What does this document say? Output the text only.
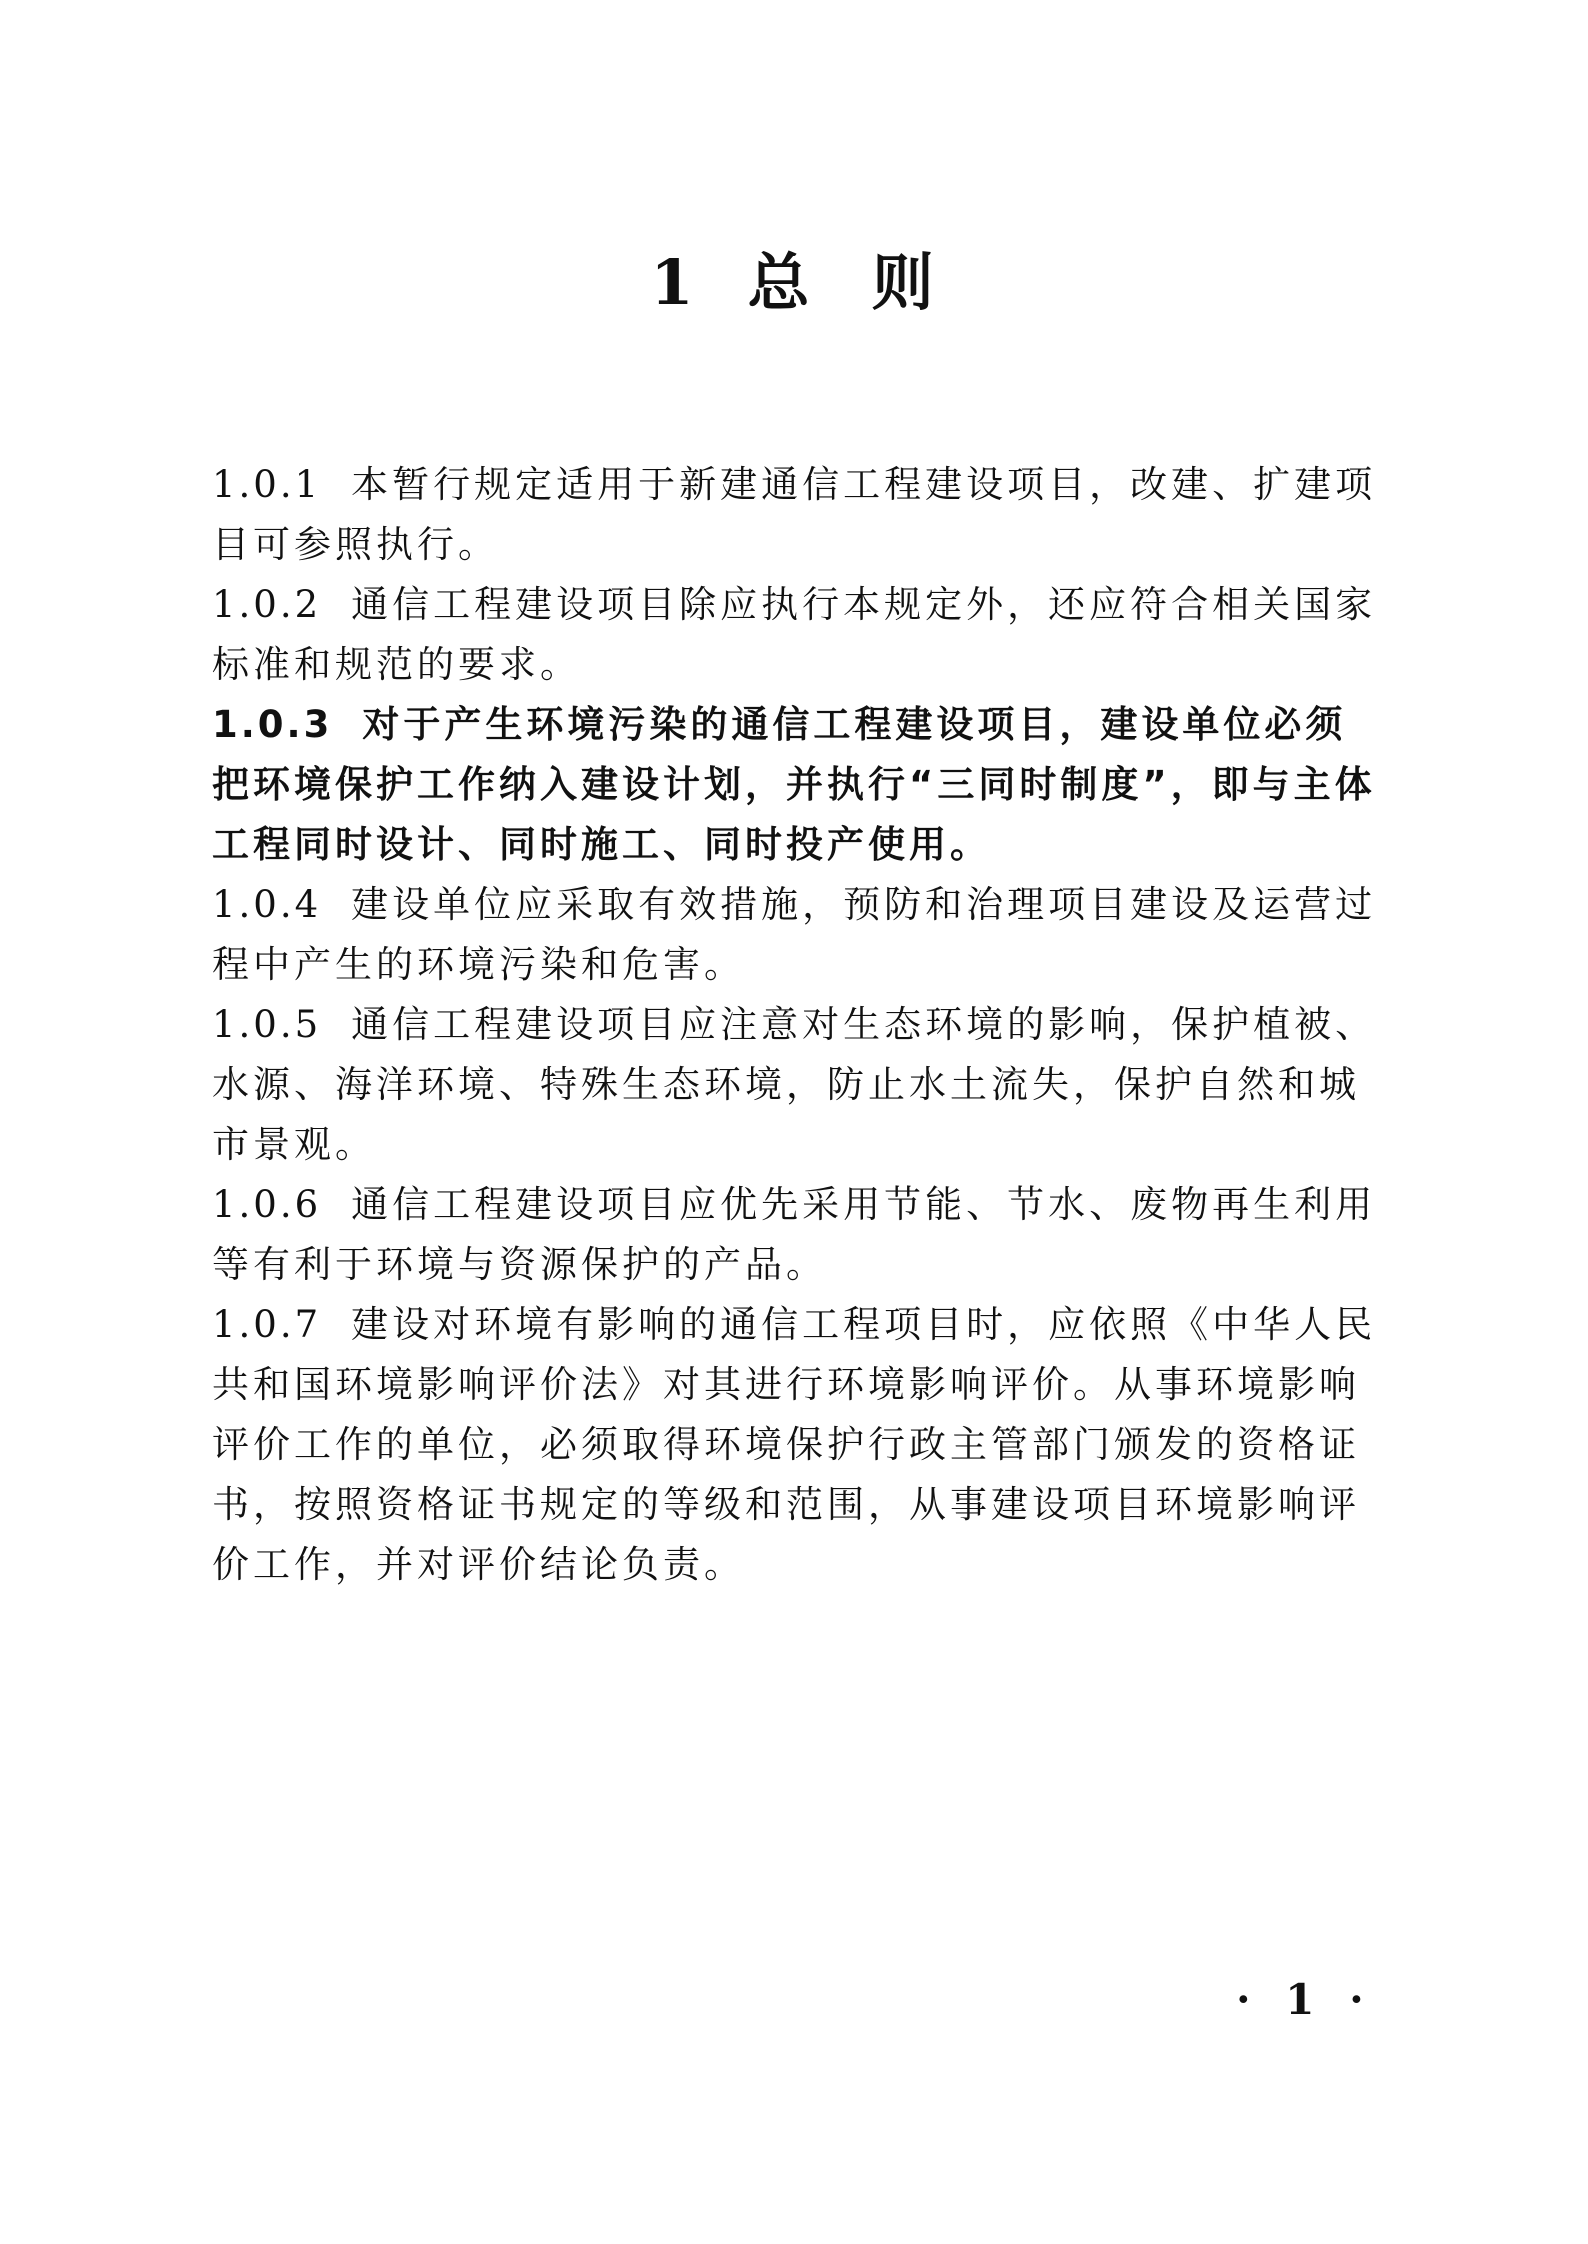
1 总 则

1.0.1 本暂行规定适用于新建通信工程建设项目，改建、扩建项目可参照执行。

1.0.2 通信工程建设项目除应执行本规定外，还应符合相关国家标准和规范的要求。

1.0.3 对于产生环境污染的通信工程建设项目，建设单位必须把环境保护工作纳入建设计划，并执行“三同时制度”，即与主体工程同时设计、同时施工、同时投产使用。

1.0.4 建设单位应采取有效措施，预防和治理项目建设及运营过程中产生的环境污染和危害。

1.0.5 通信工程建设项目应注意对生态环境的影响，保护植被、水源、海洋环境、特殊生态环境，防止水土流失，保护自然和城市景观。

1.0.6 通信工程建设项目应优先采用节能、节水、废物再生利用等有利于环境与资源保护的产品。

1.0.7 建设对环境有影响的通信工程项目时，应依照《中华人民共和国环境影响评价法》对其进行环境影响评价。从事环境影响评价工作的单位，必须取得环境保护行政主管部门颁发的资格证书，按照资格证书规定的等级和范围，从事建设项目环境影响评价工作，并对评价结论负责。

· 1 ·
